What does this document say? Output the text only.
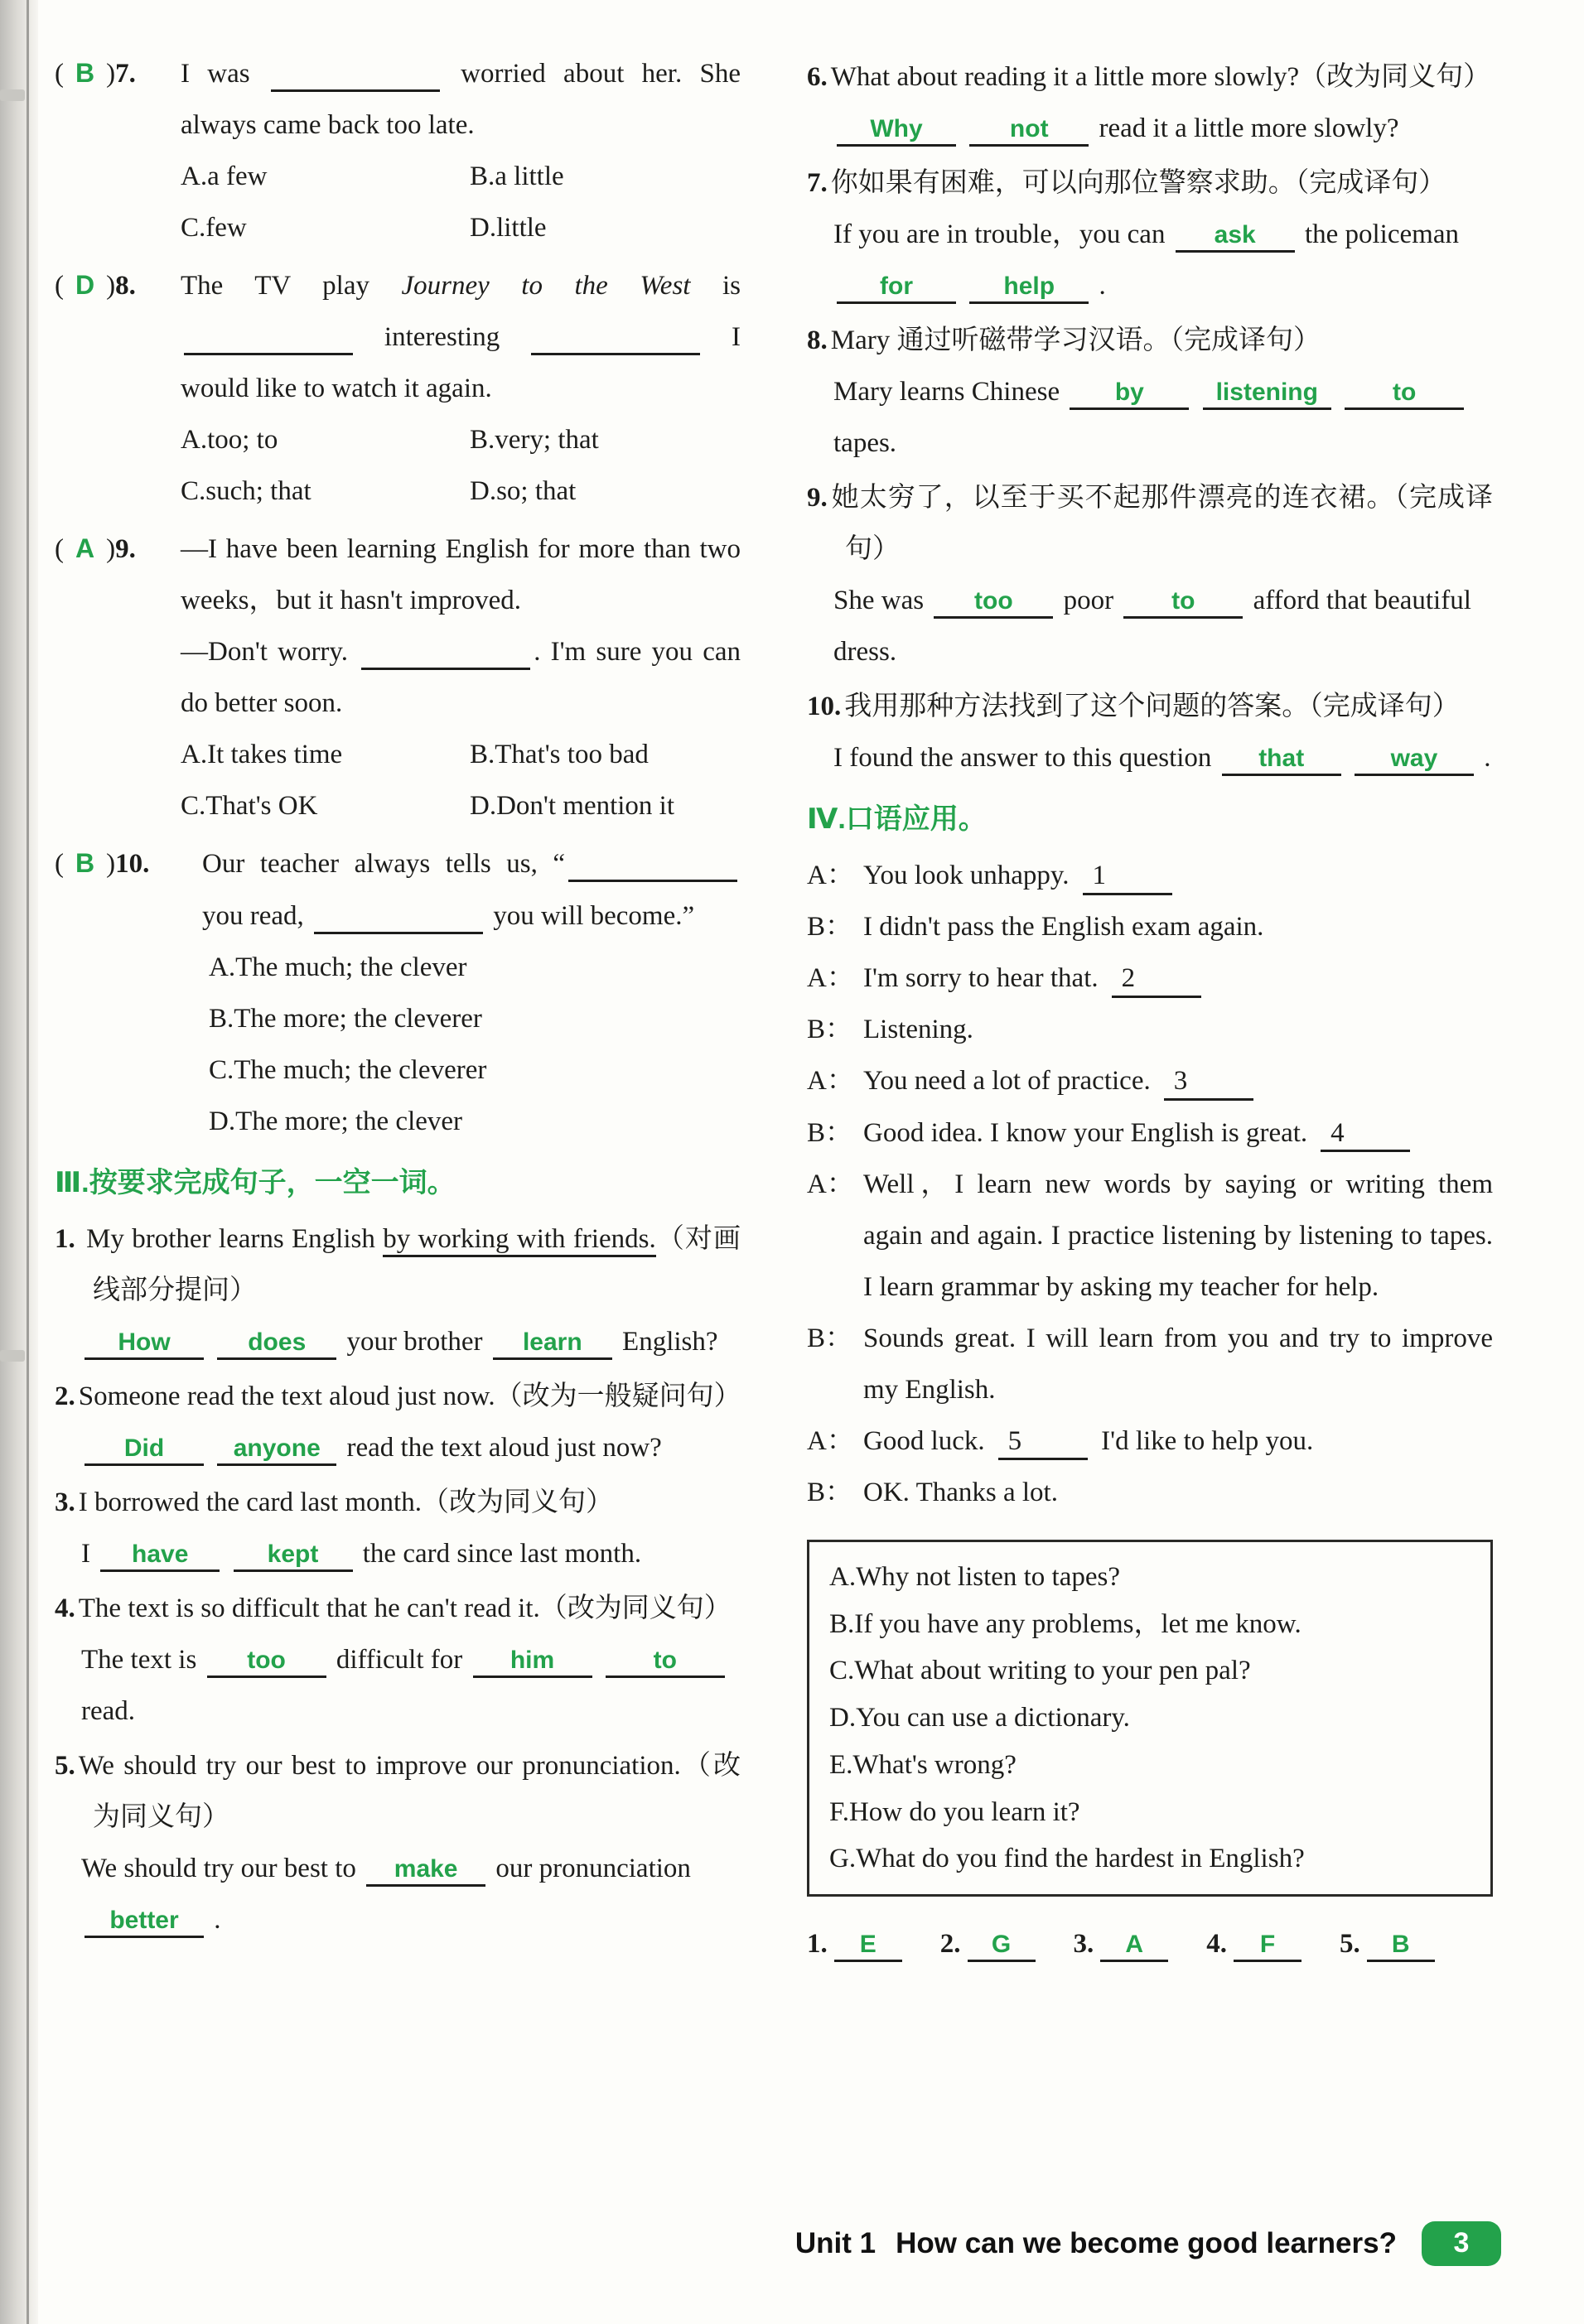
( B )7. I was	worried about her. She always came back too late.

A.a few	B.a little
C.few	D.little

( D )8. The TV play Journey to the West is  interesting	I would like to watch it again.

A.too; to	B.very; that
C.such; that	D.so; that

( A )9. —I have been learning English for more than two weeks，but it hasn't improved.

—Don't worry.	. I'm sure you can do better soon.

A.It takes time	B.That's too bad
C.That's OK	D.Don't mention it

( B )10. Our teacher always tells us, “ you read,	you will become.”

A.The much; the clever
B.The more; the cleverer
C.The much; the cleverer
D.The more; the clever

Ⅲ.按要求完成句子，一空一词。

1. My brother learns English by working with friends.（对画线部分提问）

How	does your brother learn English?

2. Someone read the text aloud just now.（改为一般疑问句）

Did	anyone read the text aloud just now?

3. I borrowed the card last month.（改为同义句）

I have	kept the card since last month.

4. The text is so difficult that he can't read it.（改为同义句）

The text is too difficult for him	to read.

5. We should try our best to improve our pronunciation.（改为同义句）

We should try our best to make our pronunciation better .

6. What about reading it a little more slowly?（改为同义句）

Why	not read it a little more slowly?

7. 你如果有困难，可以向那位警察求助。（完成译句）

If you are in trouble，you can ask the policeman for	help .

8. Mary 通过听磁带学习汉语。（完成译句）

Mary learns Chinese by	listening	to tapes.

9. 她太穷了，以至于买不起那件漂亮的连衣裙。（完成译句）

She was too poor to afford that beautiful dress.

10. 我用那种方法找到了这个问题的答案。（完成译句）

I found the answer to this question that	way .

Ⅳ.口语应用。

A： You look unhappy. 1

B： I didn't pass the English exam again.

A： I'm sorry to hear that. 2

B： Listening.

A： You need a lot of practice. 3

B： Good idea. I know your English is great. 4

A： Well，I learn new words by saying or writing them again and again. I practice listening by listening to tapes. I learn grammar by asking my teacher for help.

B： Sounds great. I will learn from you and try to improve my English.

A： Good luck. 5	I'd like to help you.

B： OK. Thanks a lot.

A.Why not listen to tapes?

B.If you have any problems，let me know.

C.What about writing to your pen pal?

D.You can use a dictionary.

E.What's wrong?

F.How do you learn it?

G.What do you find the hardest in English?

1. E	2. G	3. A	4. F	5. B
Unit 1 How can we become good learners? 3
